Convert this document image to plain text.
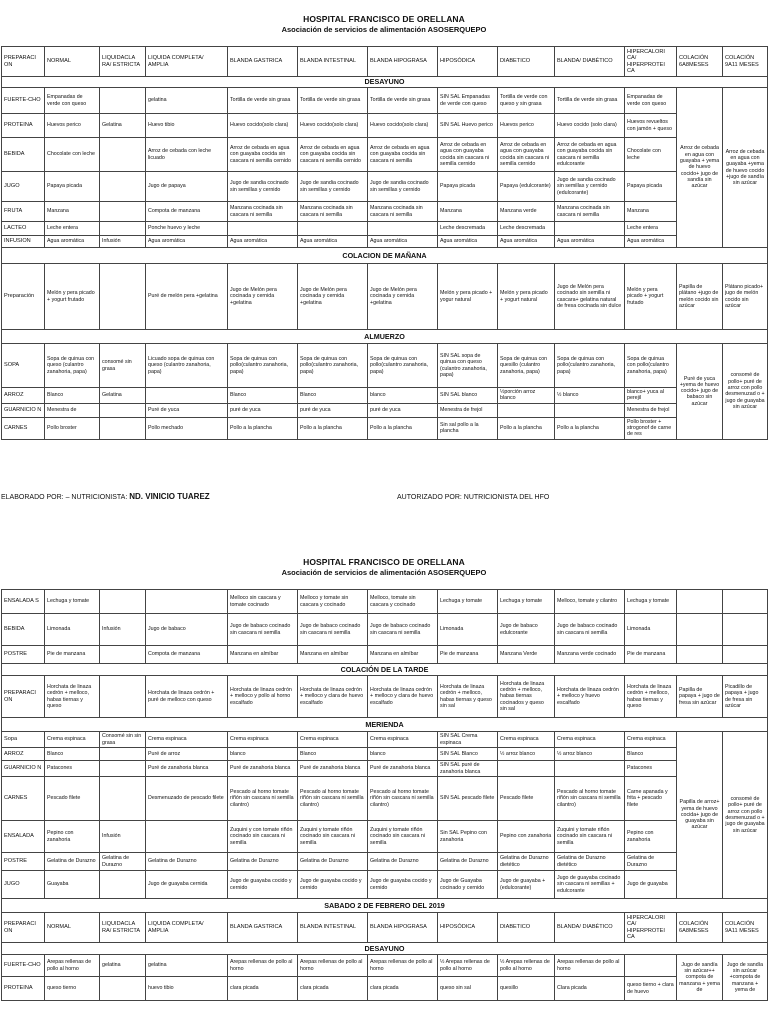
HOSPITAL FRANCISCO DE ORELLANA
Asociación de servicios de alimentación ASOSERQUEPO
PREPARACI ON	NORMAL	LIQUIDACLA RA/ ESTRICTA	LIQUIDA COMPLETA/ AMPLIA	BLANDA GASTRICA	BLANDA INTESTINAL	BLANDA HIPOGRASA	HIPOSÓDICA	DIABETICO	BLANDA/ DIABÉTICO	HIPERCALORI CA/ HIPERPROTEI CA	COLACIÓN 6A8MESES	COLACIÓN 9A11 MESES
DESAYUNO												
FUERTE-CHO	Empanadas de verde con queso		gelatina	Tortilla de verde sin grasa	Tortilla de verde sin grasa	Tortilla de verde sin grasa	SIN SAL Empanadas de verde con queso	Tortilla de verde con queso y sin grasa	Tortilla de verde sin grasa	Empanadas de verde con queso	Arroz de cebada en agua con guayaba + yema de huevo cocido+ jugo de sandía sin azúcar	Arroz de cebada en agua con guayaba +yema de huevo cocido +jugo de sandía sin azúcar
PROTEINA	Huevos perico	Gelatina	Huevo tibio	Huevo cocido(solo clara)	Huevo cocido(solo clara)	Huevo cocido(solo clara)	SIN SAL Huevo perico	Huevos perico	Huevo cocido (solo clara)	Huevos revueltos con jamón + queso		
BEBIDA	Chocolate con leche		Arroz de cebada con leche licuado	Arroz de cebada en agua con guayaba cocida sin cascara ni semilla cernido	Arroz de cebada en agua con guayaba cocida sin cascara ni semilla cernido	Arroz de cebada en agua con guayaba cocida sin cascara ni semilla	Arroz de cebada en agua con guayaba cocida sin cascara ni semilla cernido	Arroz de cebada en agua con guayaba cocida sin cascara ni semilla cernido	Arroz de cebada en agua con guayaba cocida sin cascara ni semilla edulcorante	Chocolate con leche		
JUGO	Papaya picada		Jugo de papaya	Jugo de sandia cocinado sin semillas y cernido	Jugo de sandia cocinado sin semillas y cernido	Jugo de sandia cocinado sin semillas y cernido	Papaya picada	Papaya (edulcorante)	Jugo de sandia cocinado sin semillas y cernido (edulcorante)	Papaya picada		
FRUTA	Manzana		Compota de manzana	Manzana cocinada sin cascara ni semilla	Manzana cocinada sin cascara ni semilla	Manzana cocinada sin cascara ni semilla	Manzana	Manzana verde	Manzana cocinada sin cascara ni semilla	Manzana		
LACTEO	Leche entera		Ponche huevo y leche				Leche descremada	Leche descremada		Leche entera		
INFUSION	Agua aromática	Infusión	Agua aromática	Agua aromática	Agua aromática	Agua aromática	Agua aromática	Agua aromática	Agua aromática	Agua aromática		
COLACION DE MAÑANA												
Preparación	Melón y pera picado + yogurt frutado		Puré de melón pera +gelatina	Jugo de Melón pera cocinada y cernida +gelatina	Jugo de Melón pera cocinada y cernida +gelatina	Jugo de Melón pera cocinada y cernida +gelatina	Melón y pera picado + yogur natural	Melón y pera picado + yogurt natural	Jugo de Melón pera cocinado sin semilla ni cascara+ gelatina natural de fresa cocinada sin dulce	Melón y pera picado + yogurt frutado	Papilla de plátano +jugo de melón cocido sin azúcar	Plátano picado+ jugo de melón cocido sin azúcar
ALMUERZO												
SOPA	Sopa de quinua con queso (culantro zanahoria, papa)	consomé sin grasa	Licuado sopa de quinua con queso (culantro zanahoria, papa)	Sopa de quinua con pollo(culantro zanahoria, papa)	Sopa de quinua con pollo(culantro zanahoria, papa)	Sopa de quinua con pollo(culantro zanahoria, papa)	SIN SAL sopa de quinua con queso (culantro zanahoria, papa)	Sopa de quinua con quesillo (culantro zanahoria, papa)	Sopa de quinua con pollo(culantro zanahoria, papa)	Sopa de quinua con pollo(culantro zanahoria, papa)	Puré de yuca +yema de huevo cocido+ jugo de babaco sin azúcar	consomé de pollo+ puré de arroz con pollo desmenuzad o + jugo de guayaba sin azúcar
ARROZ	Blanco	Gelatina		Blanco	Blanco	blanco	SIN SAL blanco	½porción arroz blanco	½ blanco	blanco+ yuca al perejil		
GUARNICIO N	Menestra de		Puré de yuca	puré de yuca	puré de yuca	puré de yuca	Menestra de frejol			Menestra de frejol		
CARNES	Pollo broster		Pollo mechado	Pollo a la plancha	Pollo a la plancha	Pollo a la plancha	Sin sal pollo a la plancha	Pollo a la plancha	Pollo a la plancha	Pollo broster + strogonof de carne de res		
ELABORADO POR: – NUTRICIONISTA: ND. VINICIO TUAREZ	AUTORIZADO POR: NUTRICIONISTA DEL HFO
HOSPITAL FRANCISCO DE ORELLANA
Asociación de servicios de alimentación ASOSERQUEPO
ENSALADA S	Lechuga y tomate			Melloco sin cascara y tomate cocinado	Melloco y tomate sin cascara y cocinado	Melloco, tomate sin cascara y cocinado	Lechuga y tomate	Lechuga y tomate	Melloco, tomate y cilantro	Lechuga y tomate		
BEBIDA	Limonada	Infusión	Jugo de babaco	Jugo de babaco cocinado sin cascara ni semilla	Jugo de babaco cocinado sin cascara ni semilla	Jugo de babaco cocinado sin cascara ni semilla	Limonada	Jugo de babaco edulcorante	Jugo de babaco cocinado sin cascara ni semilla	Limonada		
POSTRE	Pie de manzana		Compota de manzana	Manzana en almíbar	Manzana en almíbar	Manzana en almíbar	Pie de manzana	Manzana Verde	Manzana verde cocinado	Pie de manzana		
COLACIÓN DE LA TARDE												
PREPARACI ON	Horchata de linaza cedrón + melloco, habas tiernas y queso		Horchata de linaza cedrón + puré de melloco con queso	Horchata de linaza cedrón + melloco y pollo al horno escalfado	Horchata de linaza cedrón + melloco y clara de huevo escalfado	Horchata de linaza cedrón + melloco y clara de huevo escalfado	Horchata de linaza cedrón + melloco, habas tiernas y queso sin sal	Horchata de linaza cedrón + melloco, habas tiernas cocinados y queso sin sal	Horchata de linaza cedrón + melloco y huevo escalfado	Horchata de linaza cedrón + melloco, habas tiernas y queso	Papilla de papaya + jugo de fresa sin azúcar	Picadillo de papaya + jugo de fresa sin azúcar
MERIENDA												
Sopa	Crema espinaca	Consomé sin sin grasa	Crema espinaca	Crema espinaca	Crema espinaca	Crema espinaca	SIN SAL Crema espinaca	Crema espinaca	Crema espinaca	Crema espinaca	Papilla de arroz+ yema de huevo cocida+ jugo de guayaba sin azúcar	consomé de pollo+ puré de arroz con pollo desmenuzad o + jugo de guayaba sin azúcar
ARROZ	Blanco		Puré de arroz	blanco	Blanco	blanco	SIN SAL Blanco	½ arroz blanco	½ arroz blanco	Blanco		
GUARNICIO N	Patacones		Puré de zanahoria blanca	Puré de zanahoria blanca	Puré de zanahoria blanca	Puré de zanahoria blanca	SIN SAL puré de zanahoria blanca			Patacones		
CARNES	Pescado filete		Desmenuzado de pescado filete	Pescado al horno tomate riñón sin cascara ni semilla cilantro)	Pescado al horno tomate riñón sin cascara ni semilla cilantro)	Pescado al horno tomate riñón sin cascara ni semilla cilantro)	SIN SAL pescado filete	Pescado filete	Pescado al horno tomate riñón sin cascara ni semilla cilantro)	Carne apanada y frita + pescado filete		
ENSALADA	Pepino con zanahoria	Infusión		Zuquini y con tomate riñón cocinado sin cascara ni semilla	Zuquini y tomate riñón cocinado sin cascara ni semilla	Zuquini y tomate riñón cocinado sin cascara ni semilla	Sin SAL Pepino con zanahoria	Pepino con zanahoria	Zuquini y tomate riñón cocinado sin cascara ni semilla	Pepino con zanahoria		
POSTRE	Gelatina de Durazno	Gelatina de Durazno	Gelatina de Durazno	Gelatina de Durazno	Gelatina de Durazno	Gelatina de Durazno	Gelatina de Durazno	Gelatina de Durazno dietético	Gelatina de Durazno dietético	Gelatina de Durazno		
JUGO	Guayaba		Jugo de guayaba cernida	Jugo de guayaba cocido y cernido	Jugo de guayaba cocido y cernido	Jugo de guayaba cocido y cernido	Jugo de Guayaba cocinado y cernido	Jugo de guayaba + (edulcorante)	Jugo de guayaba cocinado sin cascara ni semillas + edulcorante	Jugo de guayaba		
SABADO 2 DE FEBRERO DEL 2019												
PREPARACI ON	NORMAL	LIQUIDACLA RA/ ESTRICTA	LIQUIDA COMPLETA/ AMPLIA	BLANDA GASTRICA	BLANDA INTESTINAL	BLANDA HIPOGRASA	HIPOSÓDICA	DIABETICO	BLANDA/ DIABÉTICO	HIPERCALORI CA/ HIPERPROTEI CA	COLACIÓN 6A8MESES	COLACIÓN 9A11 MESES
DESAYUNO												
FUERTE-CHO	Arepas rellenas de pollo al horno	gelatina	gelatina	Arepas rellenas de pollo al horno	Arepas rellenas de pollo al horno	Arepas rellenas de pollo al horno	½ Arepas rellenas de pollo al horno	½ Arepas rellenas de pollo al horno	Arepas rellenas de pollo al horno		Jugo de sandía sin azúcar++ compota de manzana + yema de	Jugo de sandía sin azúcar +compota de manzana + yema de
PROTEINA	queso tierno		huevo tibio	clara picada	clara picada	clara picada	queso sin sal	quesillo	Clara picada	queso tierno + clara de huevo		
